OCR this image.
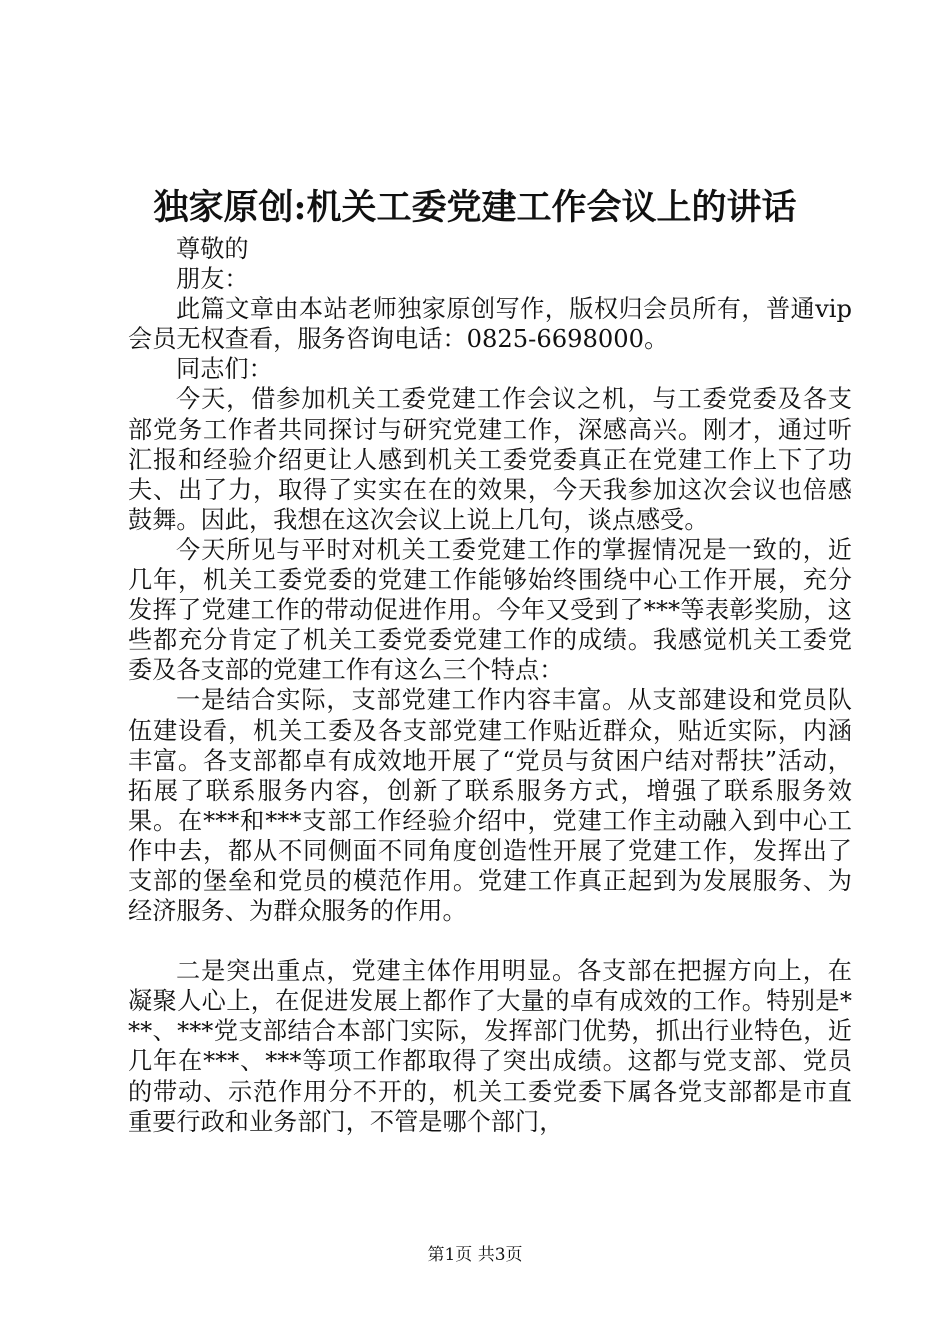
独家原创:机关工委党建工作会议上的讲话

尊敬的

朋友：

此篇文章由本站老师独家原创写作，版权归会员所有，普通vip会员无权查看，服务咨询电话：0825-6698000。

同志们：

今天，借参加机关工委党建工作会议之机，与工委党委及各支部党务工作者共同探讨与研究党建工作，深感高兴。刚才，通过听汇报和经验介绍更让人感到机关工委党委真正在党建工作上下了功夫、出了力，取得了实实在在的效果，今天我参加这次会议也倍感鼓舞。因此，我想在这次会议上说上几句，谈点感受。

今天所见与平时对机关工委党建工作的掌握情况是一致的，近几年，机关工委党委的党建工作能够始终围绕中心工作开展，充分发挥了党建工作的带动促进作用。今年又受到了***等表彰奖励，这些都充分肯定了机关工委党委党建工作的成绩。我感觉机关工委党委及各支部的党建工作有这么三个特点：

一是结合实际，支部党建工作内容丰富。从支部建设和党员队伍建设看，机关工委及各支部党建工作贴近群众，贴近实际，内涵丰富。各支部都卓有成效地开展了“党员与贫困户结对帮扶”活动，拓展了联系服务内容，创新了联系服务方式，增强了联系服务效果。在***和***支部工作经验介绍中，党建工作主动融入到中心工作中去，都从不同侧面不同角度创造性开展了党建工作，发挥出了支部的堡垒和党员的模范作用。党建工作真正起到为发展服务、为经济服务、为群众服务的作用。

二是突出重点，党建主体作用明显。各支部在把握方向上，在凝聚人心上，在促进发展上都作了大量的卓有成效的工作。特别是***、***党支部结合本部门实际，发挥部门优势，抓出行业特色，近几年在***、***等项工作都取得了突出成绩。这都与党支部、党员的带动、示范作用分不开的，机关工委党委下属各党支部都是市直重要行政和业务部门，不管是哪个部门，

第1页 共3页
